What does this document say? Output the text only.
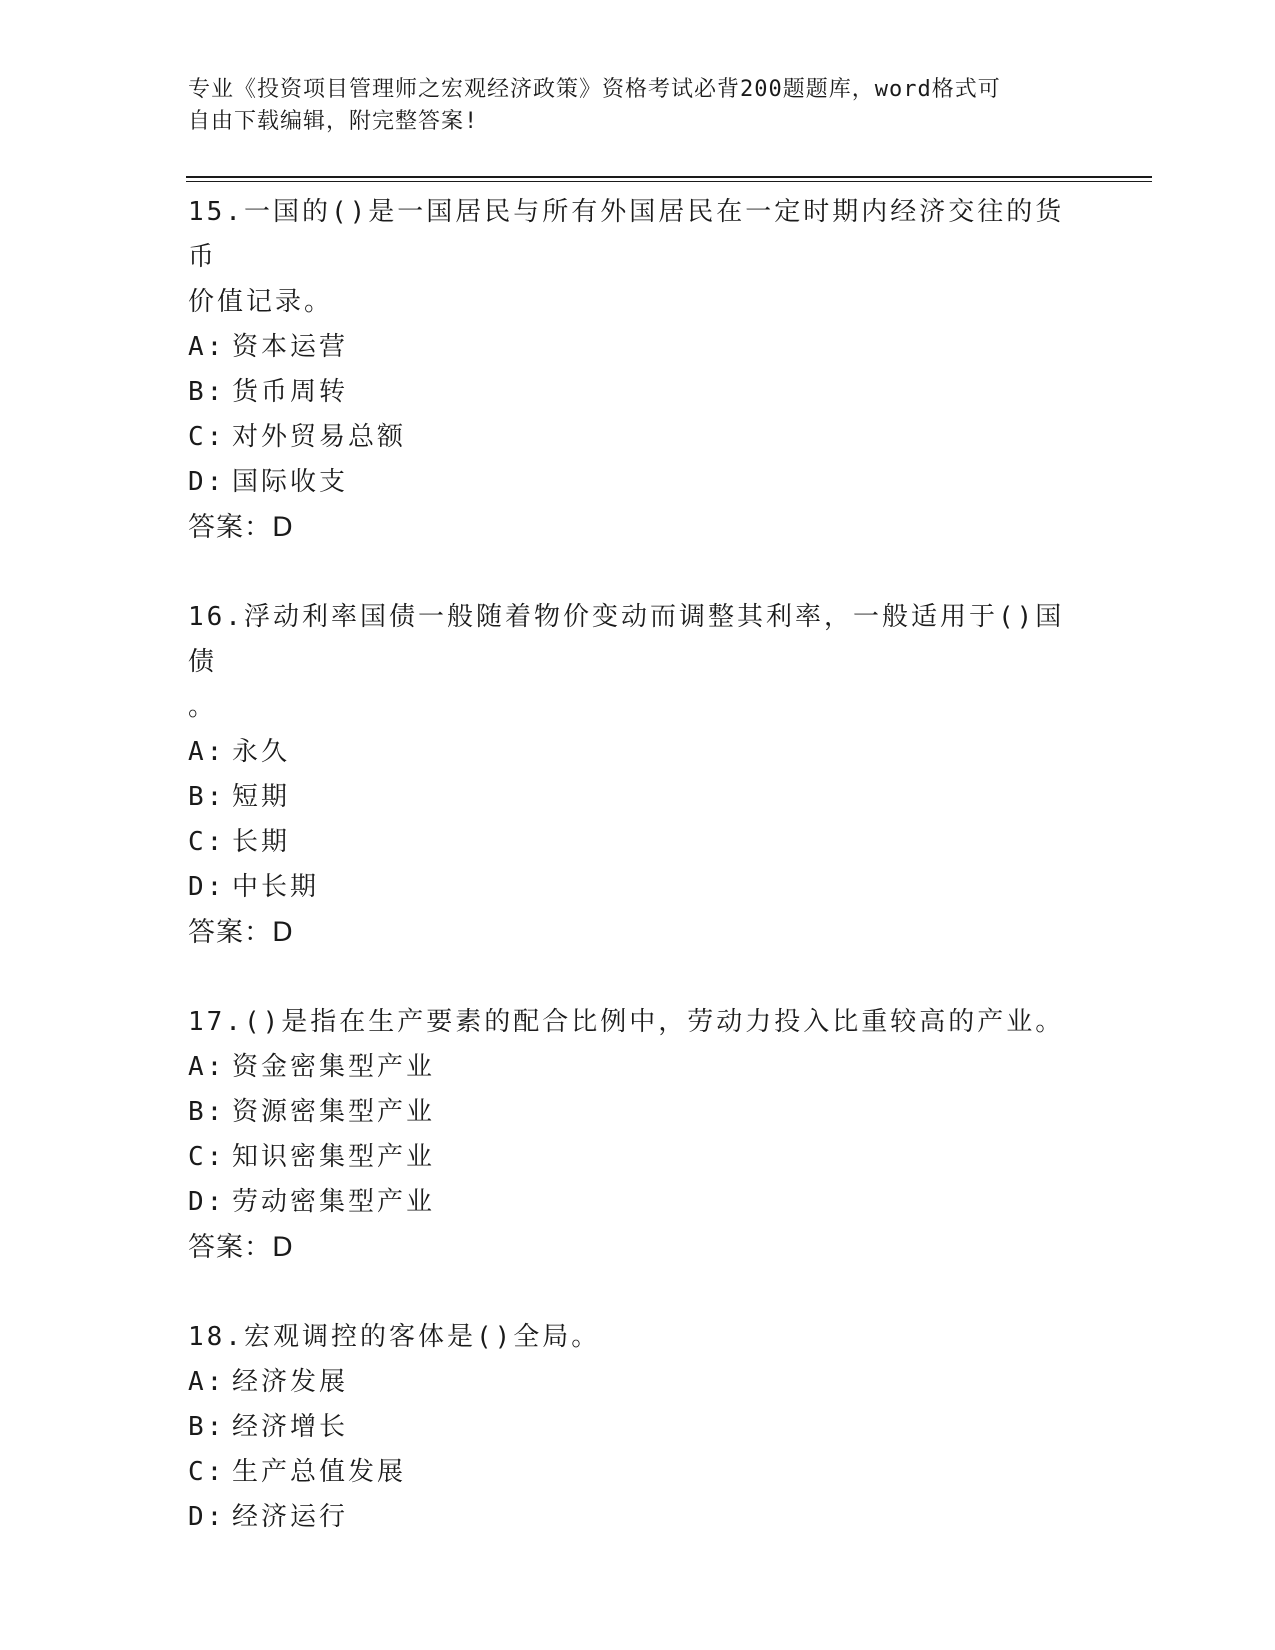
专业《投资项目管理师之宏观经济政策》资格考试必背200题题库，word格式可
自由下载编辑，附完整答案!
15.一国的()是一国居民与所有外国居民在一定时期内经济交往的货币
价值记录。
A: 资本运营
B: 货币周转
C: 对外贸易总额
D: 国际收支
答案：D
16.浮动利率国债一般随着物价变动而调整其利率，一般适用于()国债
。
A: 永久
B: 短期
C: 长期
D: 中长期
答案：D
17.()是指在生产要素的配合比例中，劳动力投入比重较高的产业。
A: 资金密集型产业
B: 资源密集型产业
C: 知识密集型产业
D: 劳动密集型产业
答案：D
18.宏观调控的客体是()全局。
A: 经济发展
B: 经济增长
C: 生产总值发展
D: 经济运行
